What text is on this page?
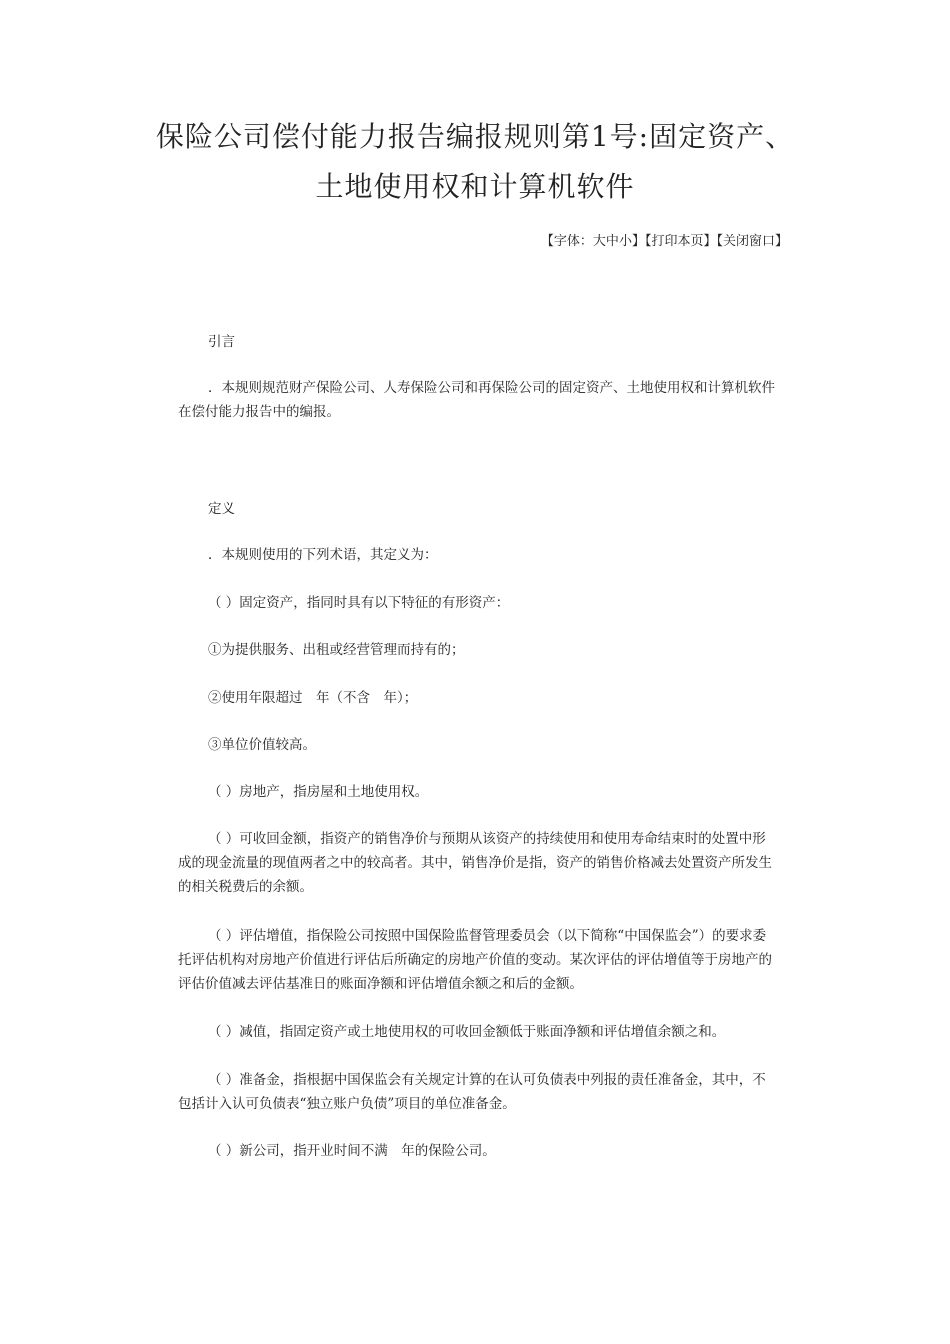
保险公司偿付能力报告编报规则第1号:固定资产、
土地使用权和计算机软件
【字体：大中小】【打印本页】【关闭窗口】
引言
．本规则规范财产保险公司、人寿保险公司和再保险公司的固定资产、土地使用权和计算机软件在偿付能力报告中的编报。
定义
．本规则使用的下列术语，其定义为：
（ ）固定资产，指同时具有以下特征的有形资产：
①为提供服务、出租或经营管理而持有的；
②使用年限超过　年（不含　年）；
③单位价值较高。
（ ）房地产，指房屋和土地使用权。
（ ）可收回金额，指资产的销售净价与预期从该资产的持续使用和使用寿命结束时的处置中形成的现金流量的现值两者之中的较高者。其中，销售净价是指，资产的销售价格减去处置资产所发生的相关税费后的余额。
（ ）评估增值，指保险公司按照中国保险监督管理委员会（以下简称“中国保监会”）的要求委托评估机构对房地产价值进行评估后所确定的房地产价值的变动。某次评估的评估增值等于房地产的评估价值减去评估基准日的账面净额和评估增值余额之和后的金额。
（ ）减值，指固定资产或土地使用权的可收回金额低于账面净额和评估增值余额之和。
（ ）准备金，指根据中国保监会有关规定计算的在认可负债表中列报的责任准备金，其中，不包括计入认可负债表“独立账户负债”项目的单位准备金。
（ ）新公司，指开业时间不满　年的保险公司。
